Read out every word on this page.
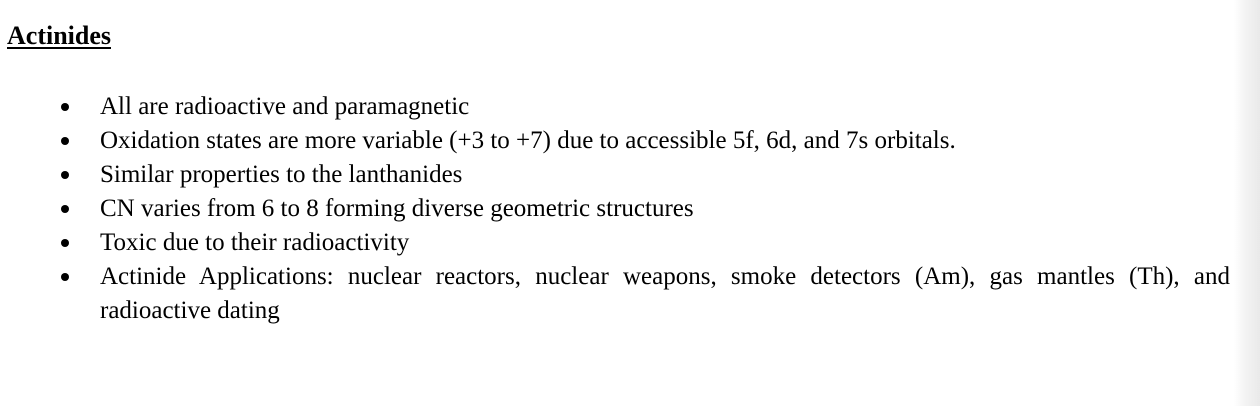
Actinides
All are radioactive and paramagnetic
Oxidation states are more variable (+3 to +7) due to accessible 5f, 6d, and 7s orbitals.
Similar properties to the lanthanides
CN varies from 6 to 8 forming diverse geometric structures
Toxic due to their radioactivity
Actinide Applications: nuclear reactors, nuclear weapons, smoke detectors (Am), gas mantles (Th), and radioactive dating
